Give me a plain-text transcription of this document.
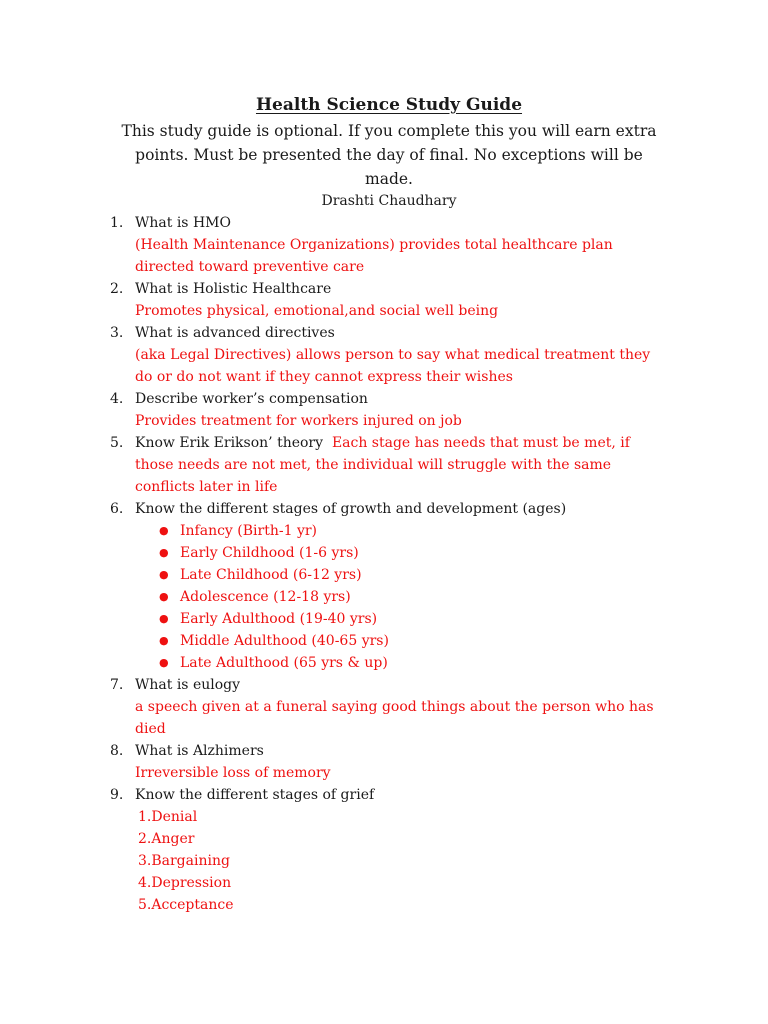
Health Science Study Guide

This study guide is optional. If you complete this you will earn extra points. Must be presented the day of final. No exceptions will be made.

Drashti Chaudhary

1. What is HMO
(Health Maintenance Organizations) provides total healthcare plan directed toward preventive care
2. What is Holistic Healthcare
Promotes physical, emotional,and social well being
3. What is advanced directives
(aka Legal Directives) allows person to say what medical treatment they do or do not want if they cannot express their wishes
4. Describe worker’s compensation
Provides treatment for workers injured on job
5. Know Erik Erikson’ theory Each stage has needs that must be met, if those needs are not met, the individual will struggle with the same conflicts later in life
6. Know the different stages of growth and development (ages)
● Infancy (Birth-1 yr)
● Early Childhood (1-6 yrs)
● Late Childhood (6-12 yrs)
● Adolescence (12-18 yrs)
● Early Adulthood (19-40 yrs)
● Middle Adulthood (40-65 yrs)
● Late Adulthood (65 yrs & up)
7. What is eulogy
a speech given at a funeral saying good things about the person who has died
8. What is Alzhimers
Irreversible loss of memory
9. Know the different stages of grief
1.Denial
2.Anger
3.Bargaining
4.Depression
5.Acceptance
